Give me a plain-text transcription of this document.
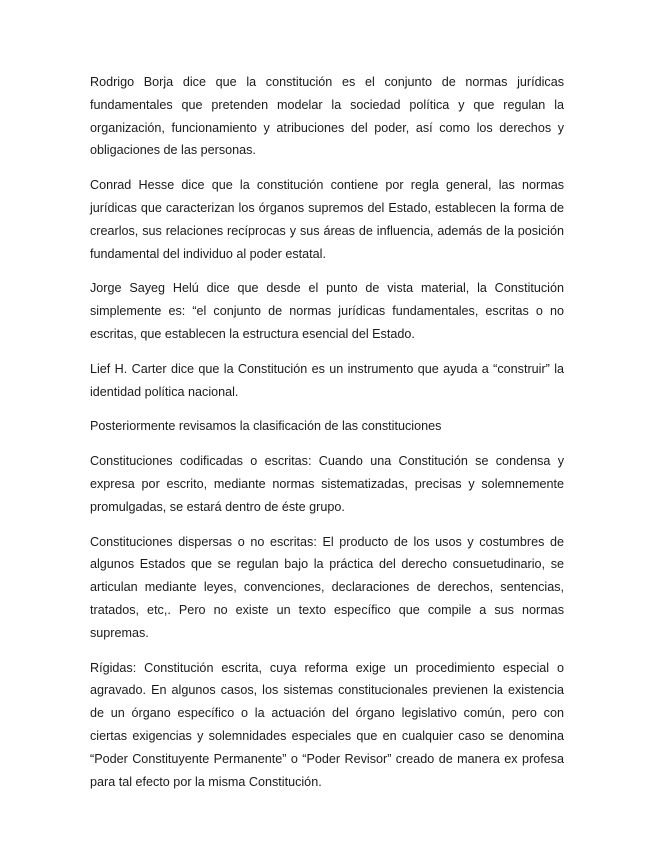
Rodrigo Borja dice que la constitución es el conjunto de normas jurídicas fundamentales que pretenden modelar la sociedad política y que regulan la organización, funcionamiento y atribuciones del poder, así como los derechos y obligaciones de las personas.

Conrad Hesse dice que la constitución contiene por regla general, las normas jurídicas que caracterizan los órganos supremos del Estado, establecen la forma de crearlos, sus relaciones recíprocas y sus áreas de influencia, además de la posición fundamental del individuo al poder estatal.

Jorge Sayeg Helú dice que desde el punto de vista material, la Constitución simplemente es: “el conjunto de normas jurídicas fundamentales, escritas o no escritas, que establecen la estructura esencial del Estado.

Lief H. Carter dice que la Constitución es un instrumento que ayuda a “construir” la identidad política nacional.

Posteriormente revisamos la clasificación de las constituciones

Constituciones codificadas o escritas: Cuando una Constitución se condensa y expresa por escrito, mediante normas sistematizadas, precisas y solemnemente promulgadas, se estará dentro de éste grupo.

Constituciones dispersas o no escritas: El producto de los usos y costumbres de algunos Estados que se regulan bajo la práctica del derecho consuetudinario, se articulan mediante leyes, convenciones, declaraciones de derechos, sentencias, tratados, etc,. Pero no existe un texto específico que compile a sus normas supremas.

Rígidas: Constitución escrita, cuya reforma exige un procedimiento especial o agravado. En algunos casos, los sistemas constitucionales previenen la existencia de un órgano específico o la actuación del órgano legislativo común, pero con ciertas exigencias y solemnidades especiales que en cualquier caso se denomina “Poder Constituyente Permanente” o “Poder Revisor” creado de manera ex profesa para tal efecto por la misma Constitución.
